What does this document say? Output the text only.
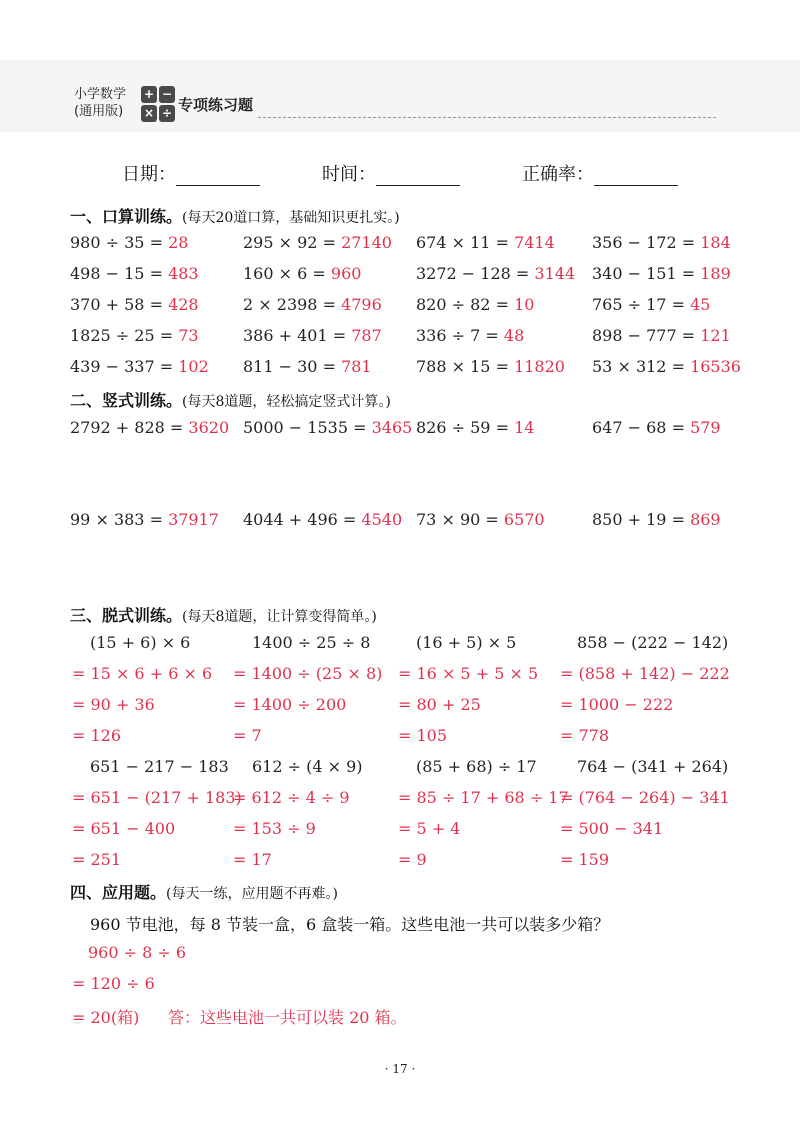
小学数学
(通用版)
+ −
× ÷ 专项练习题
日期：	时间：	正确率：
一、口算训练。(每天20道口算，基础知识更扎实。)
980 ÷ 35 = 28	295 × 92 = 27140 674 × 11 = 7414 356 − 172 = 184
498 − 15 = 483	160 × 6 = 960	3272 − 128 = 3144 340 − 151 = 189
370 + 58 = 428	2 × 2398 = 4796 820 ÷ 82 = 10	765 ÷ 17 = 45
1825 ÷ 25 = 73	386 + 401 = 787 336 ÷ 7 = 48	898 − 777 = 121
439 − 337 = 102 811 − 30 = 781	788 × 15 = 11820 53 × 312 = 16536
二、竖式训练。(每天8道题，轻松搞定竖式计算。)
2792 + 828 = 3620 5000 − 1535 = 3465 826 ÷ 59 = 14	647 − 68 = 579
99 × 383 = 37917 4044 + 496 = 4540 73 × 90 = 6570	850 + 19 = 869
三、脱式训练。(每天8道题，让计算变得简单。)
(15 + 6) × 6
= 15 × 6 + 6 × 6
= 90 + 36
= 126
1400 ÷ 25 ÷ 8
= 1400 ÷ (25 × 8)
= 1400 ÷ 200
= 7
(16 + 5) × 5
= 16 × 5 + 5 × 5
= 80 + 25
= 105
858 − (222 − 142)
= (858 + 142) − 222
= 1000 − 222
= 778
651 − 217 − 183
= 651 − (217 + 183)
= 651 − 400
= 251
612 ÷ (4 × 9)
= 612 ÷ 4 ÷ 9
= 153 ÷ 9
= 17
(85 + 68) ÷ 17
= 85 ÷ 17 + 68 ÷ 17
= 5 + 4
= 9
764 − (341 + 264)
= (764 − 264) − 341
= 500 − 341
= 159
四、应用题。(每天一练，应用题不再难。)
960 节电池，每 8 节装一盒，6 盒装一箱。这些电池一共可以装多少箱？
960 ÷ 8 ÷ 6
= 120 ÷ 6
= 20(箱) 答：这些电池一共可以装 20 箱。
· 17 ·
